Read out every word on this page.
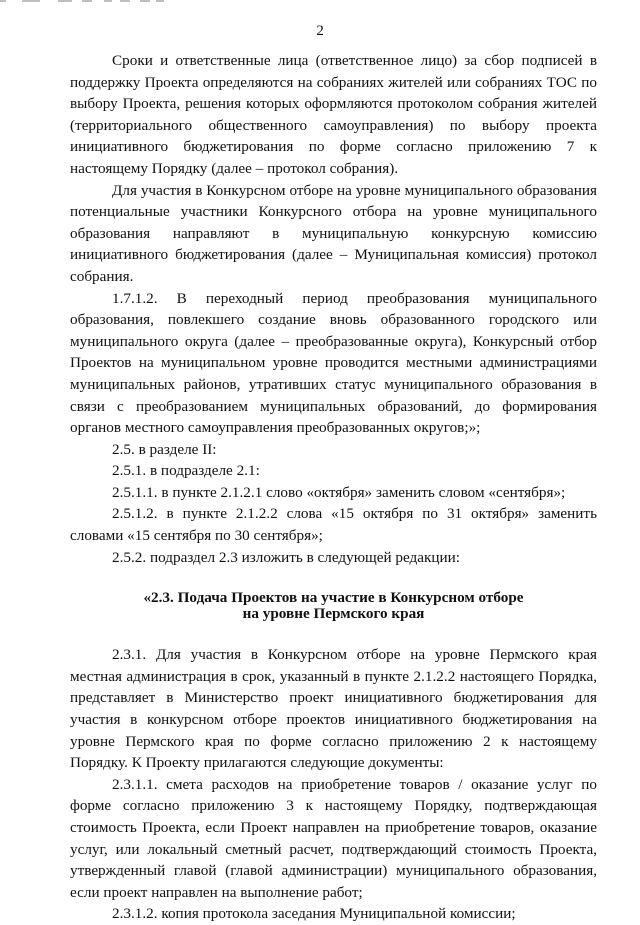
2

Сроки и ответственные лица (ответственное лицо) за сбор подписей в поддержку Проекта определяются на собраниях жителей или собраниях ТОС по выбору Проекта, решения которых оформляются протоколом собрания жителей (территориального общественного самоуправления) по выбору проекта инициативного бюджетирования по форме согласно приложению 7 к настоящему Порядку (далее – протокол собрания).

Для участия в Конкурсном отборе на уровне муниципального образования потенциальные участники Конкурсного отбора на уровне муниципального образования направляют в муниципальную конкурсную комиссию инициативного бюджетирования (далее – Муниципальная комиссия) протокол собрания.

1.7.1.2. В переходный период преобразования муниципального образования, повлекшего создание вновь образованного городского или муниципального округа (далее – преобразованные округа), Конкурсный отбор Проектов на муниципальном уровне проводится местными администрациями муниципальных районов, утративших статус муниципального образования в связи с преобразованием муниципальных образований, до формирования органов местного самоуправления преобразованных округов;»;

2.5. в разделе II:

2.5.1. в подразделе 2.1:

2.5.1.1. в пункте 2.1.2.1 слово «октября» заменить словом «сентября»;

2.5.1.2. в пункте 2.1.2.2 слова «15 октября по 31 октября» заменить словами «15 сентября по 30 сентября»;

2.5.2. подраздел 2.3 изложить в следующей редакции:

«2.3. Подача Проектов на участие в Конкурсном отборе

на уровне Пермского края

2.3.1. Для участия в Конкурсном отборе на уровне Пермского края местная администрация в срок, указанный в пункте 2.1.2.2 настоящего Порядка, представляет в Министерство проект инициативного бюджетирования для участия в конкурсном отборе проектов инициативного бюджетирования на уровне Пермского края по форме согласно приложению 2 к настоящему Порядку. К Проекту прилагаются следующие документы:

2.3.1.1. смета расходов на приобретение товаров / оказание услуг по форме согласно приложению 3 к настоящему Порядку, подтверждающая стоимость Проекта, если Проект направлен на приобретение товаров, оказание услуг, или локальный сметный расчет, подтверждающий стоимость Проекта, утвержденный главой (главой администрации) муниципального образования, если проект направлен на выполнение работ;

2.3.1.2. копия протокола заседания Муниципальной комиссии;
